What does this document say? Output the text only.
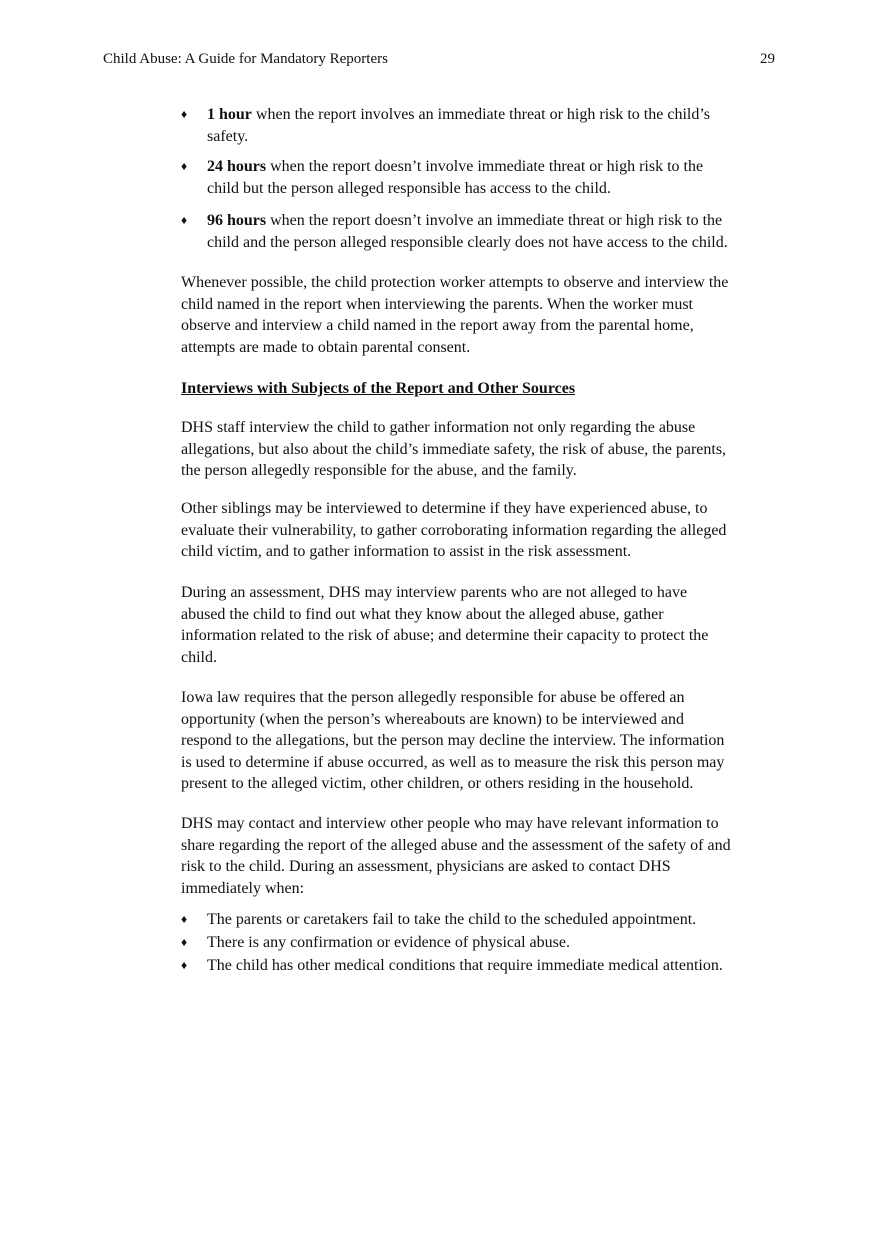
Child Abuse: A Guide for Mandatory Reporters	29
♦ 1 hour when the report involves an immediate threat or high risk to the child’s
safety.
♦ 24 hours when the report doesn’t involve immediate threat or high risk to the
child but the person alleged responsible has access to the child.
♦ 96 hours when the report doesn’t involve an immediate threat or high risk to the
child and the person alleged responsible clearly does not have access to the child.
Whenever possible, the child protection worker attempts to observe and interview the
child named in the report when interviewing the parents. When the worker must
observe and interview a child named in the report away from the parental home,
attempts are made to obtain parental consent.
DHS staff interview the child to gather information not only regarding the abuse
allegations, but also about the child’s immediate safety, the risk of abuse, the parents,
the person allegedly responsible for the abuse, and the family.
Other siblings may be interviewed to determine if they have experienced abuse, to
evaluate their vulnerability, to gather corroborating information regarding the alleged
child victim, and to gather information to assist in the risk assessment.
During an assessment, DHS may interview parents who are not alleged to have
abused the child to find out what they know about the alleged abuse, gather
information related to the risk of abuse; and determine their capacity to protect the
child.
Iowa law requires that the person allegedly responsible for abuse be offered an
opportunity (when the person’s whereabouts are known) to be interviewed and
respond to the allegations, but the person may decline the interview. The information
is used to determine if abuse occurred, as well as to measure the risk this person may
present to the alleged victim, other children, or others residing in the household.
DHS may contact and interview other people who may have relevant information to
share regarding the report of the alleged abuse and the assessment of the safety of and
risk to the child. During an assessment, physicians are asked to contact DHS
immediately when:
Interviews with Subjects of the Report and Other Sources
♦ The parents or caretakers fail to take the child to the scheduled appointment.
♦ There is any confirmation or evidence of physical abuse.
♦ The child has other medical conditions that require immediate medical attention.
